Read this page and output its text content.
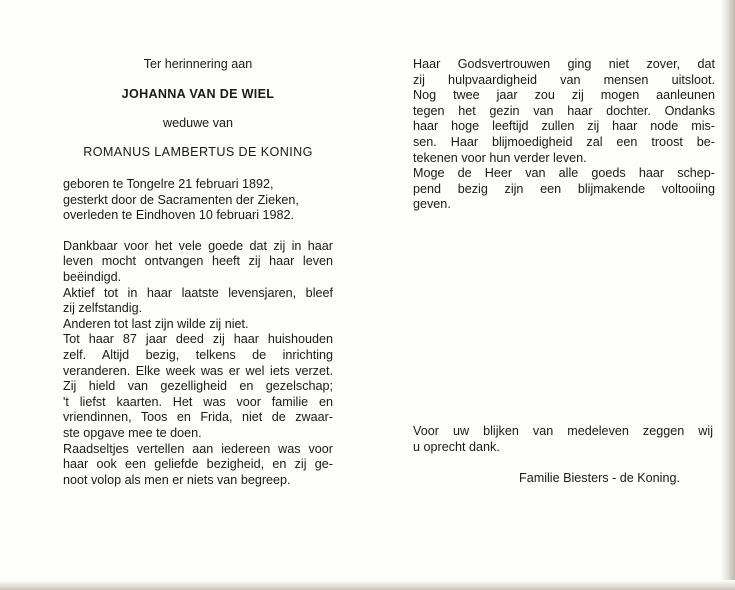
Ter herinnering aan
JOHANNA VAN DE WIEL
weduwe van
ROMANUS LAMBERTUS DE KONING
geboren te Tongelre 21 februari 1892,
gesterkt door de Sacramenten der Zieken,
overleden te Eindhoven 10 februari 1982.
Dankbaar voor het vele goede dat zij in haar
leven mocht ontvangen heeft zij haar leven
beëindigd.
Aktief tot in haar laatste levensjaren, bleef
zij zelfstandig.
Anderen tot last zijn wilde zij niet.
Tot haar 87 jaar deed zij haar huishouden
zelf. Altijd bezig, telkens de inrichting
veranderen. Elke week was er wel iets verzet.
Zij hield van gezelligheid en gezelschap;
't liefst kaarten. Het was voor familie en
vriendinnen, Toos en Frida, niet de zwaar-
ste opgave mee te doen.
Raadseltjes vertellen aan iedereen was voor
haar ook een geliefde bezigheid, en zij ge-
noot volop als men er niets van begreep.
Haar Godsvertrouwen ging niet zover, dat
zij hulpvaardigheid van mensen uitsloot.
Nog twee jaar zou zij mogen aanleunen
tegen het gezin van haar dochter. Ondanks
haar hoge leeftijd zullen zij haar node mis-
sen. Haar blijmoedigheid zal een troost be-
tekenen voor hun verder leven.
Moge de Heer van alle goeds haar schep-
pend bezig zijn een blijmakende voltooiing
geven.
Voor uw blijken van medeleven zeggen wij
u oprecht dank.
Familie Biesters - de Koning.
